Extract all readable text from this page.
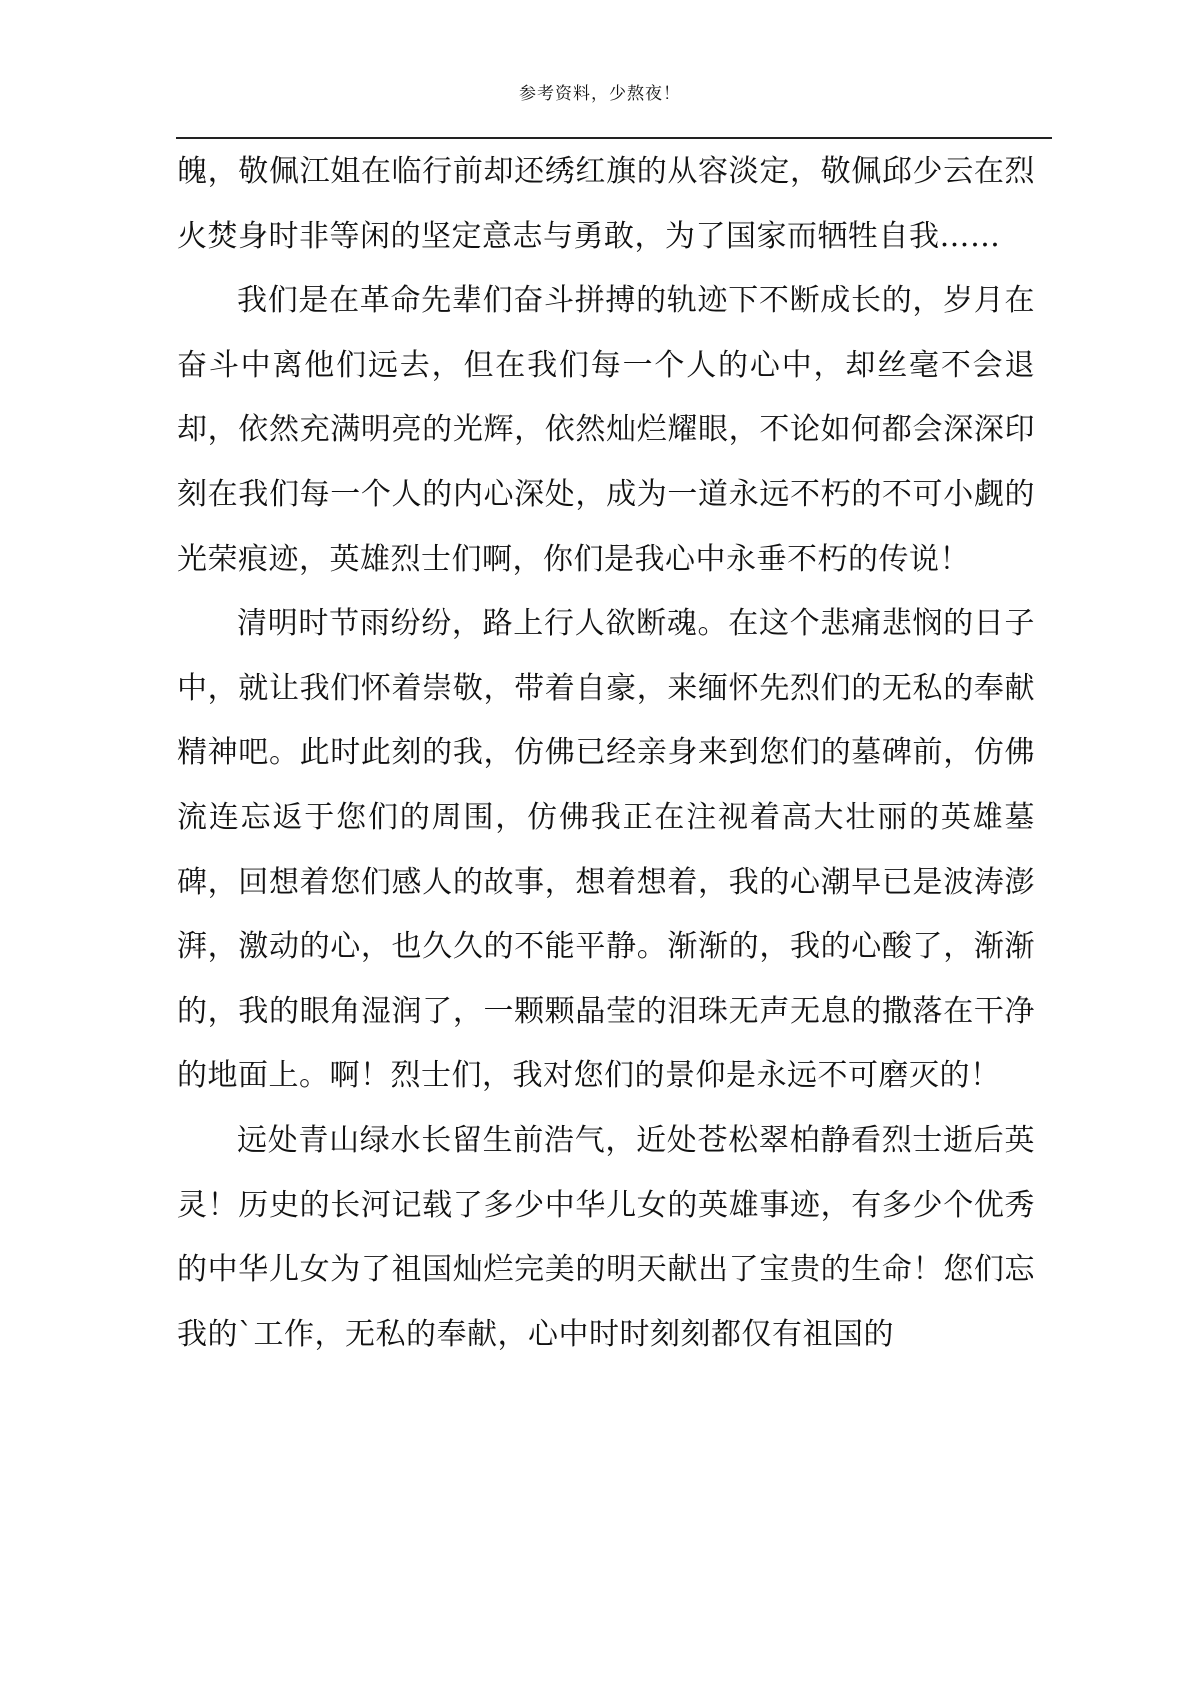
参考资料，少熬夜！

魄，敬佩江姐在临行前却还绣红旗的从容淡定，敬佩邱少云在烈火焚身时非等闲的坚定意志与勇敢，为了国家而牺牲自我……

我们是在革命先辈们奋斗拼搏的轨迹下不断成长的，岁月在奋斗中离他们远去，但在我们每一个人的心中，却丝毫不会退却，依然充满明亮的光辉，依然灿烂耀眼，不论如何都会深深印刻在我们每一个人的内心深处，成为一道永远不朽的不可小觑的光荣痕迹，英雄烈士们啊，你们是我心中永垂不朽的传说！

清明时节雨纷纷，路上行人欲断魂。在这个悲痛悲悯的日子中，就让我们怀着崇敬，带着自豪，来缅怀先烈们的无私的奉献精神吧。此时此刻的我，仿佛已经亲身来到您们的墓碑前，仿佛流连忘返于您们的周围，仿佛我正在注视着高大壮丽的英雄墓碑，回想着您们感人的故事，想着想着，我的心潮早已是波涛澎湃，激动的心，也久久的不能平静。渐渐的，我的心酸了，渐渐的，我的眼角湿润了，一颗颗晶莹的泪珠无声无息的撒落在干净的地面上。啊！烈士们，我对您们的景仰是永远不可磨灭的！

远处青山绿水长留生前浩气，近处苍松翠柏静看烈士逝后英灵！历史的长河记载了多少中华儿女的英雄事迹，有多少个优秀的中华儿女为了祖国灿烂完美的明天献出了宝贵的生命！您们忘我的`工作，无私的奉献，心中时时刻刻都仅有祖国的
